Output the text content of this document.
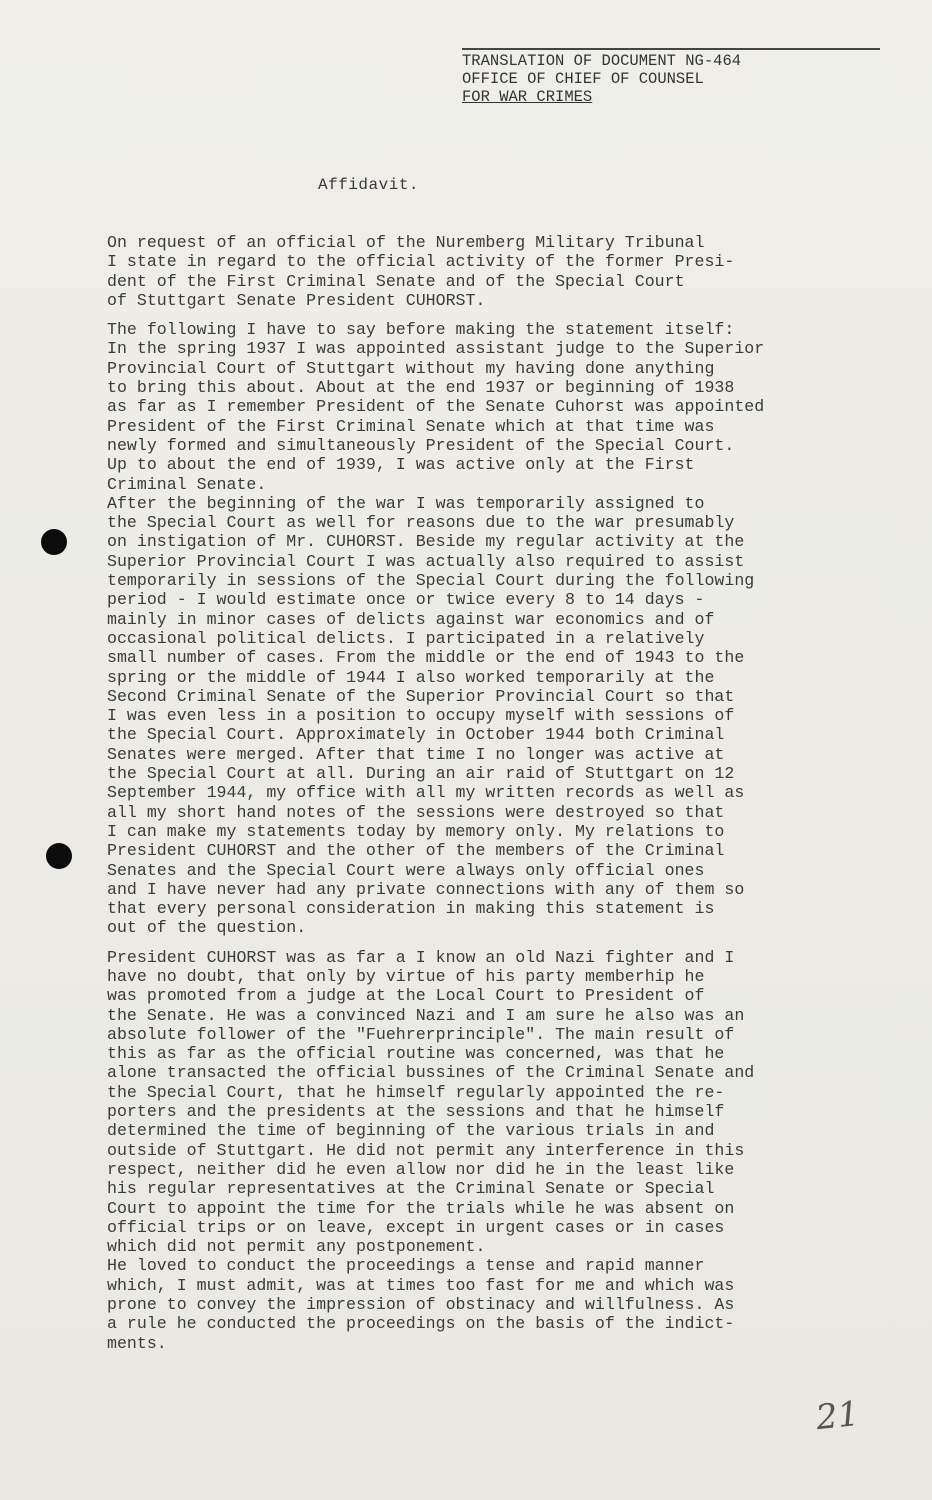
TRANSLATION OF DOCUMENT NG-464
OFFICE OF CHIEF OF COUNSEL
FOR WAR CRIMES
Affidavit.
On request of an official of the Nuremberg Military Tribunal
I state in regard to the official activity of the former Presi-
dent of the First Criminal Senate and of the Special Court
of Stuttgart Senate President CUHORST.
The following I have to say before making the statement itself:
In the spring 1937 I was appointed assistant judge to the Superior
Provincial Court of Stuttgart without my having done anything
to bring this about. About at the end 1937 or beginning of 1938
as far as I remember President of the Senate Cuhorst was appointed
President of the First Criminal Senate which at that time was
newly formed and simultaneously President of the Special Court.
Up to about the end of 1939, I was active only at the First
Criminal Senate.
After the beginning of the war I was temporarily assigned to
the Special Court as well for reasons due to the war presumably
on instigation of Mr. CUHORST. Beside my regular activity at the
Superior Provincial Court I was actually also required to assist
temporarily in sessions of the Special Court during the following
period - I would estimate once or twice every 8 to 14 days -
mainly in minor cases of delicts against war economics and of
occasional political delicts. I participated in a relatively
small number of cases. From the middle or the end of 1943 to the
spring or the middle of 1944 I also worked temporarily at the
Second Criminal Senate of the Superior Provincial Court so that
I was even less in a position to occupy myself with sessions of
the Special Court. Approximately in October 1944 both Criminal
Senates were merged. After that time I no longer was active at
the Special Court at all. During an air raid of Stuttgart on 12
September 1944, my office with all my written records as well as
all my short hand notes of the sessions were destroyed so that
I can make my statements today by memory only. My relations to
President CUHORST and the other of the members of the Criminal
Senates and the Special Court were always only official ones
and I have never had any private connections with any of them so
that every personal consideration in making this statement is
out of the question.
President CUHORST was as far a I know an old Nazi fighter and I
have no doubt, that only by virtue of his party memberhip he
was promoted from a judge at the Local Court to President of
the Senate. He was a convinced Nazi and I am sure he also was an
absolute follower of the "Fuehrerprinciple". The main result of
this as far as the official routine was concerned, was that he
alone transacted the official bussines of the Criminal Senate and
the Special Court, that he himself regularly appointed the re-
porters and the presidents at the sessions and that he himself
determined the time of beginning of the various trials in and
outside of Stuttgart. He did not permit any interference in this
respect, neither did he even allow nor did he in the least like
his regular representatives at the Criminal Senate or Special
Court to appoint the time for the trials while he was absent on
official trips or on leave, except in urgent cases or in cases
which did not permit any postponement.
He loved to conduct the proceedings a tense and rapid manner
which, I must admit, was at times too fast for me and which was
prone to convey the impression of obstinacy and willfulness. As
a rule he conducted the proceedings on the basis of the indict-
ments.
21
